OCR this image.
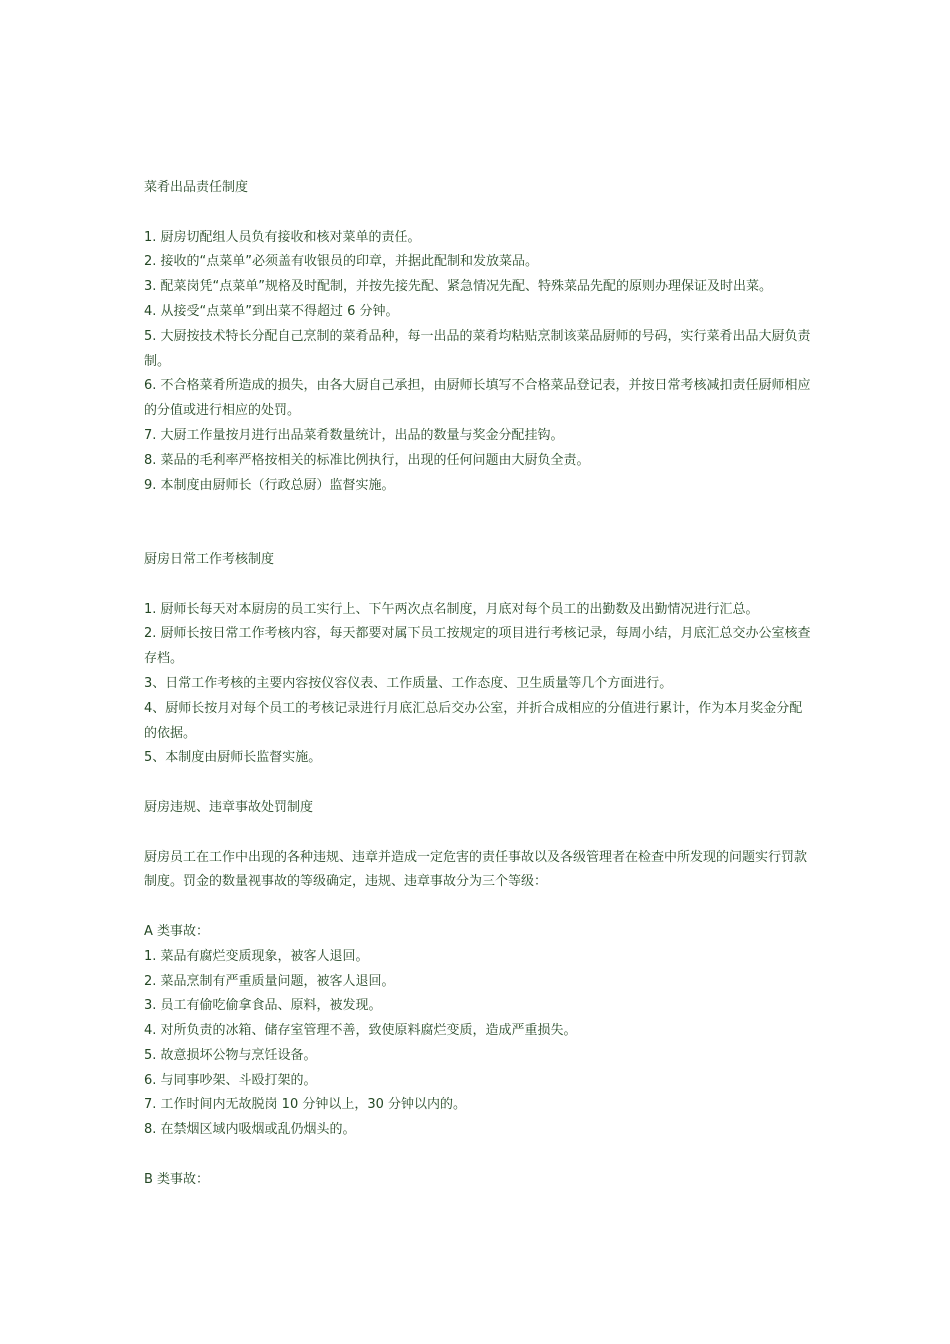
菜肴出品责任制度
1. 厨房切配组人员负有接收和核对菜单的责任。
2. 接收的“点菜单”必须盖有收银员的印章，并据此配制和发放菜品。
3. 配菜岗凭“点菜单”规格及时配制，并按先接先配、紧急情况先配、特殊菜品先配的原则办理保证及时出菜。
4. 从接受“点菜单”到出菜不得超过 6 分钟。
5. 大厨按技术特长分配自己烹制的菜肴品种，每一出品的菜肴均粘贴烹制该菜品厨师的号码，实行菜肴出品大厨负责制。
6. 不合格菜肴所造成的损失，由各大厨自己承担，由厨师长填写不合格菜品登记表，并按日常考核减扣责任厨师相应的分值或进行相应的处罚。
7. 大厨工作量按月进行出品菜肴数量统计，出品的数量与奖金分配挂钩。
8. 菜品的毛利率严格按相关的标准比例执行，出现的任何问题由大厨负全责。
9. 本制度由厨师长（行政总厨）监督实施。
厨房日常工作考核制度
1. 厨师长每天对本厨房的员工实行上、下午两次点名制度，月底对每个员工的出勤数及出勤情况进行汇总。
2. 厨师长按日常工作考核内容，每天都要对属下员工按规定的项目进行考核记录，每周小结，月底汇总交办公室核查存档。
3、日常工作考核的主要内容按仪容仪表、工作质量、工作态度、卫生质量等几个方面进行。
4、厨师长按月对每个员工的考核记录进行月底汇总后交办公室，并折合成相应的分值进行累计，作为本月奖金分配的依据。
5、本制度由厨师长监督实施。
厨房违规、违章事故处罚制度
厨房员工在工作中出现的各种违规、违章并造成一定危害的责任事故以及各级管理者在检查中所发现的问题实行罚款制度。罚金的数量视事故的等级确定，违规、违章事故分为三个等级：
A 类事故：
1. 菜品有腐烂变质现象，被客人退回。
2. 菜品烹制有严重质量问题，被客人退回。
3. 员工有偷吃偷拿食品、原料，被发现。
4. 对所负责的冰箱、储存室管理不善，致使原料腐烂变质，造成严重损失。
5. 故意损坏公物与烹饪设备。
6. 与同事吵架、斗殴打架的。
7. 工作时间内无故脱岗 10 分钟以上，30 分钟以内的。
8. 在禁烟区域内吸烟或乱仍烟头的。
B 类事故：
